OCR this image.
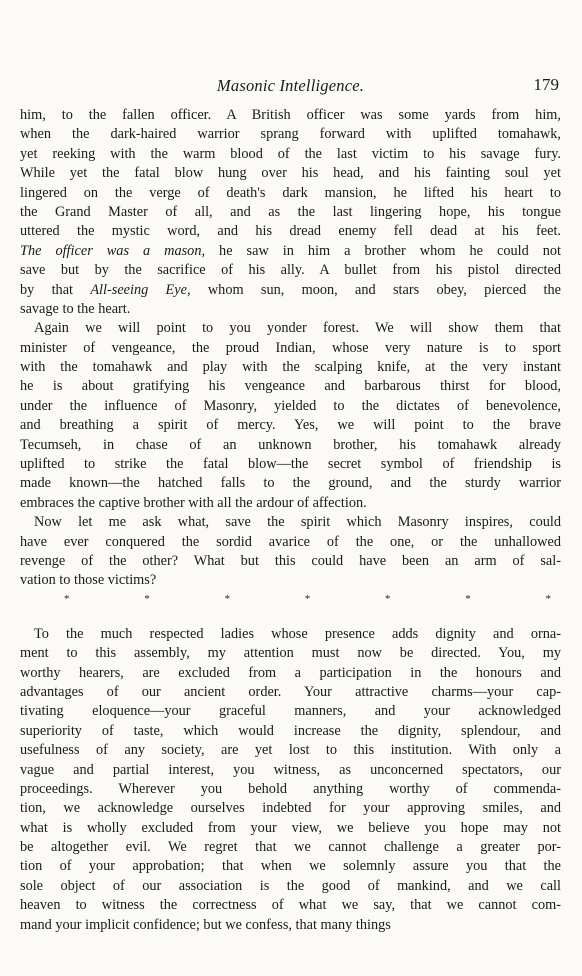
Masonic Intelligence.	179
him, to the fallen officer. A British officer was some yards from him,
when the dark-haired warrior sprang forward with uplifted tomahawk,
yet reeking with the warm blood of the last victim to his savage fury.
While yet the fatal blow hung over his head, and his fainting soul yet
lingered on the verge of death's dark mansion, he lifted his heart to
the Grand Master of all, and as the last lingering hope, his tongue
uttered the mystic word, and his dread enemy fell dead at his feet.
The officer was a mason, he saw in him a brother whom he could not
save but by the sacrifice of his ally. A bullet from his pistol directed
by that All-seeing Eye, whom sun, moon, and stars obey, pierced the
savage to the heart.
Again we will point to you yonder forest. We will show them that
minister of vengeance, the proud Indian, whose very nature is to sport
with the tomahawk and play with the scalping knife, at the very instant
he is about gratifying his vengeance and barbarous thirst for blood,
under the influence of Masonry, yielded to the dictates of benevolence,
and breathing a spirit of mercy. Yes, we will point to the brave
Tecumseh, in chase of an unknown brother, his tomahawk already
uplifted to strike the fatal blow—the secret symbol of friendship is
made known—the hatched falls to the ground, and the sturdy warrior
embraces the captive brother with all the ardour of affection.
Now let me ask what, save the spirit which Masonry inspires, could
have ever conquered the sordid avarice of the one, or the unhallowed
revenge of the other? What but this could have been an arm of sal-
vation to those victims?
*	*	*	*	*	*	*
To the much respected ladies whose presence adds dignity and orna-
ment to this assembly, my attention must now be directed. You, my
worthy hearers, are excluded from a participation in the honours and
advantages of our ancient order. Your attractive charms—your cap-
tivating eloquence—your graceful manners, and your acknowledged
superiority of taste, which would increase the dignity, splendour, and
usefulness of any society, are yet lost to this institution. With only a
vague and partial interest, you witness, as unconcerned spectators, our
proceedings. Wherever you behold anything worthy of commenda-
tion, we acknowledge ourselves indebted for your approving smiles, and
what is wholly excluded from your view, we believe you hope may not
be altogether evil. We regret that we cannot challenge a greater por-
tion of your approbation; that when we solemnly assure you that the
sole object of our association is the good of mankind, and we call
heaven to witness the correctness of what we say, that we cannot com-
mand your implicit confidence; but we confess, that many things
